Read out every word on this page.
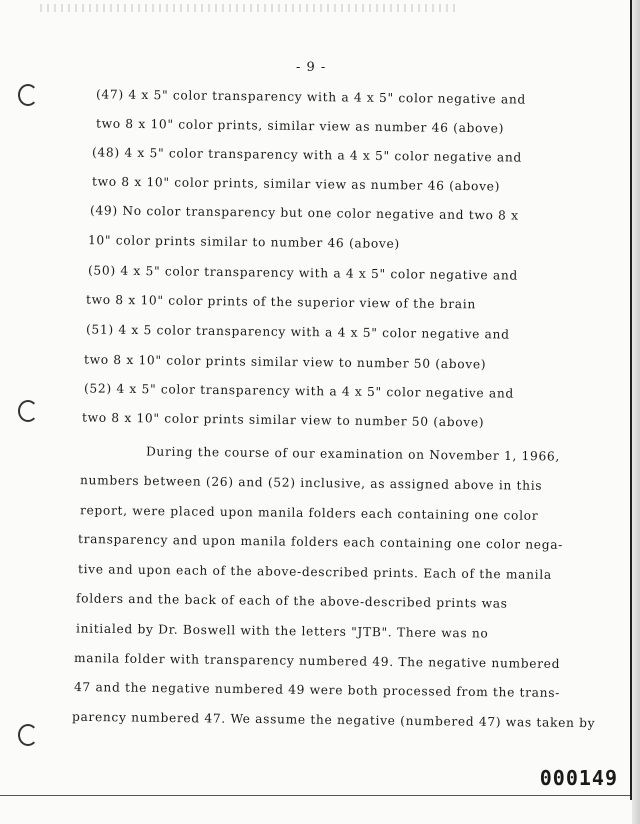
- 9 -
(47) 4 x 5" color transparency with a 4 x 5" color negative and
two 8 x 10" color prints, similar view as number 46 (above)
(48) 4 x 5" color transparency with a 4 x 5" color negative and
two 8 x 10" color prints, similar view as number 46 (above)
(49) No color transparency but one color negative and two 8 x
10" color prints similar to number 46 (above)
(50) 4 x 5" color transparency with a 4 x 5" color negative and
two 8 x 10" color prints of the superior view of the brain
(51) 4 x 5 color transparency with a 4 x 5" color negative and
two 8 x 10" color prints similar view to number 50 (above)
(52) 4 x 5" color transparency with a 4 x 5" color negative and
two 8 x 10" color prints similar view to number 50 (above)
During the course of our examination on November 1, 1966,
numbers between (26) and (52) inclusive, as assigned above in this
report, were placed upon manila folders each containing one color
transparency and upon manila folders each containing one color nega-
tive and upon each of the above-described prints. Each of the manila
folders and the back of each of the above-described prints was
initialed by Dr. Boswell with the letters "JTB". There was no
manila folder with transparency numbered 49. The negative numbered
47 and the negative numbered 49 were both processed from the trans-
parency numbered 47. We assume the negative (numbered 47) was taken by
000149
